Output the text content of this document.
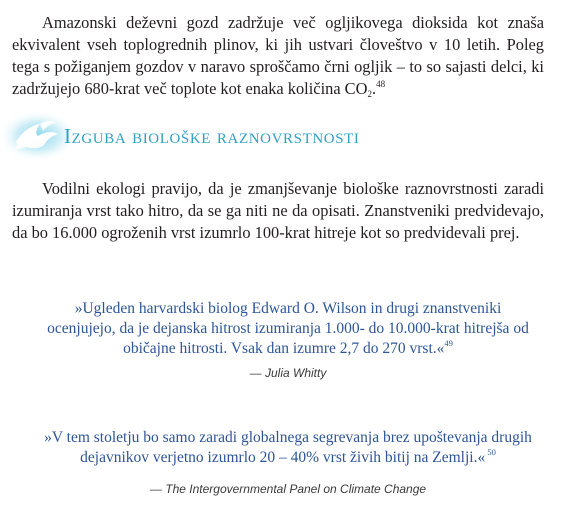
Amazonski deževni gozd zadržuje več ogljikovega dioksida kot znaša ekvivalent vseh toplogrednih plinov, ki jih ustvari človeštvo v 10 letih. Poleg tega s požiganjem gozdov v naravo sproščamo črni ogljik – to so sajasti delci, ki zadržujejo 680-krat več toplote kot enaka količina $CO_2.^{48}$

Izguba biološke raznovrstnosti

Vodilni ekologi pravijo, da je zmanjševanje biološke raznovrstnosti zaradi izumiranja vrst tako hitro, da se ga niti ne da opisati. Znanstveniki predvidevajo, da bo 16.000 ogroženih vrst izumrlo 100-krat hitreje kot so predvidevali prej.

»Ugleden harvardski biolog Edward O. Wilson in drugi znanstveniki ocenjujejo, da je dejanska hitrost izumiranja 1.000- do 10.000-krat hitrejša od običajne hitrosti. Vsak dan izumre 2,7 do 270 vrst.«$^{49}$

— Julia Whitty

»V tem stoletju bo samo zaradi globalnega segrevanja brez upoštevanja drugih dejavnikov verjetno izumrlo 20 – 40% vrst živih bitij na Zemlji.« $^{50}$

— The Intergovernmental Panel on Climate Change
